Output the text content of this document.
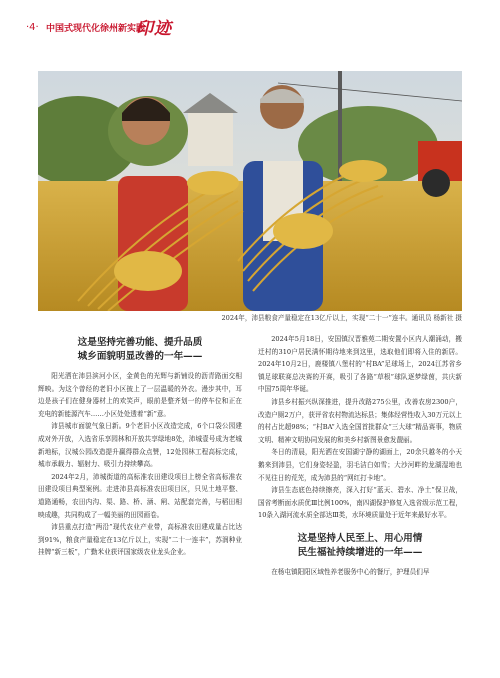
·4· 中国式现代化徐州新实践
印迹
2024年，沛县粮食产量稳定在13亿斤以上，实现“二十一”连丰。通讯员 杨新社 摄
这是坚持完善功能、提升品质
城乡面貌明显改善的一年——

阳光洒在沛县滨河小区，金黄色的光辉与新铺设的沥青路面交相辉映。为这个曾经的老旧小区披上了一层温暖的外衣。漫步其中，耳边是孩子们在健身器材上的欢笑声，眼前是整齐划一的停车位和正在充电的新能源汽车……小区处处透着“新”意。

沛县城市面貌气象日新。9个老旧小区改造完成，6个口袋公园建成对外开放，入选省乐享园林和开放共享绿地8处，沛城壹号成为老城新地标，汉城公园改造提升赢得群众点赞，12处园林工程高标完成，城市承载力、辐射力、吸引力持续攀高。

2024年2月，沛城街道的高标准农田建设项目上榜全省高标准农田建设项目典型案例。走进沛县高标准农田项目区，只见土地平整、道路通畅，农田内沟、渠、路、桥、涵、闸、站配套完善，与稻田相映成趣，共同构成了一幅美丽的田园画卷。

沛县重点打造“两沿”现代农业产业带，高标准农田建成量占比达到91%，粮食产量稳定在13亿斤以上，实现“二十一连丰”，苏润种业挂牌“新三板”，广勤米业获评国家级农业龙头企业。

2024年5月18日，安国镇汉晋雅苑二期安置小区内人潮涌动，搬迁村的310户居民满怀期待地来到这里，选取他们即将入住的新居。2024年10月2日，鹿楼镇八堡村的“村BA”足球场上，2024江苏省乡镇足球联赛总决赛的开赛，吸引了各路“草根”球队逐梦绿茵，共庆新中国75周年华诞。

沛县乡村振兴纵深推进，提升改路275公里，改善农房2300户，改造户厕2万户，获评省农村物流达标县；集体经营性收入30万元以上的村占比超98%；“村BA”入选全国首批群众“三大球”精品赛事，物质文明、精神文明协同发展的和美乡村新图景愈发靓丽。

冬日的清晨，阳光洒在安国湖宁静的湖面上，20余只越冬的小天鹅来到沛县，它们身姿轻盈，羽毛洁白如雪；大沙河畔的龙湖湿地也不见往日的荒芜，成为沛县的“网红打卡地”。

沛县生态底色持续擦亮，深入打好“蓝天、碧水、净土”保卫战，国省考断面水质优Ⅲ比例100%，南四湖保护修复入选省级示范工程，10条入湖河流水质全部达Ⅲ类，水环境质量处于近年来最好水平。

这是坚持人民至上、用心用情
民生福祉持续增进的一年——

在杨屯镇阳阳区域性养老服务中心的餐厅，护理员们早
